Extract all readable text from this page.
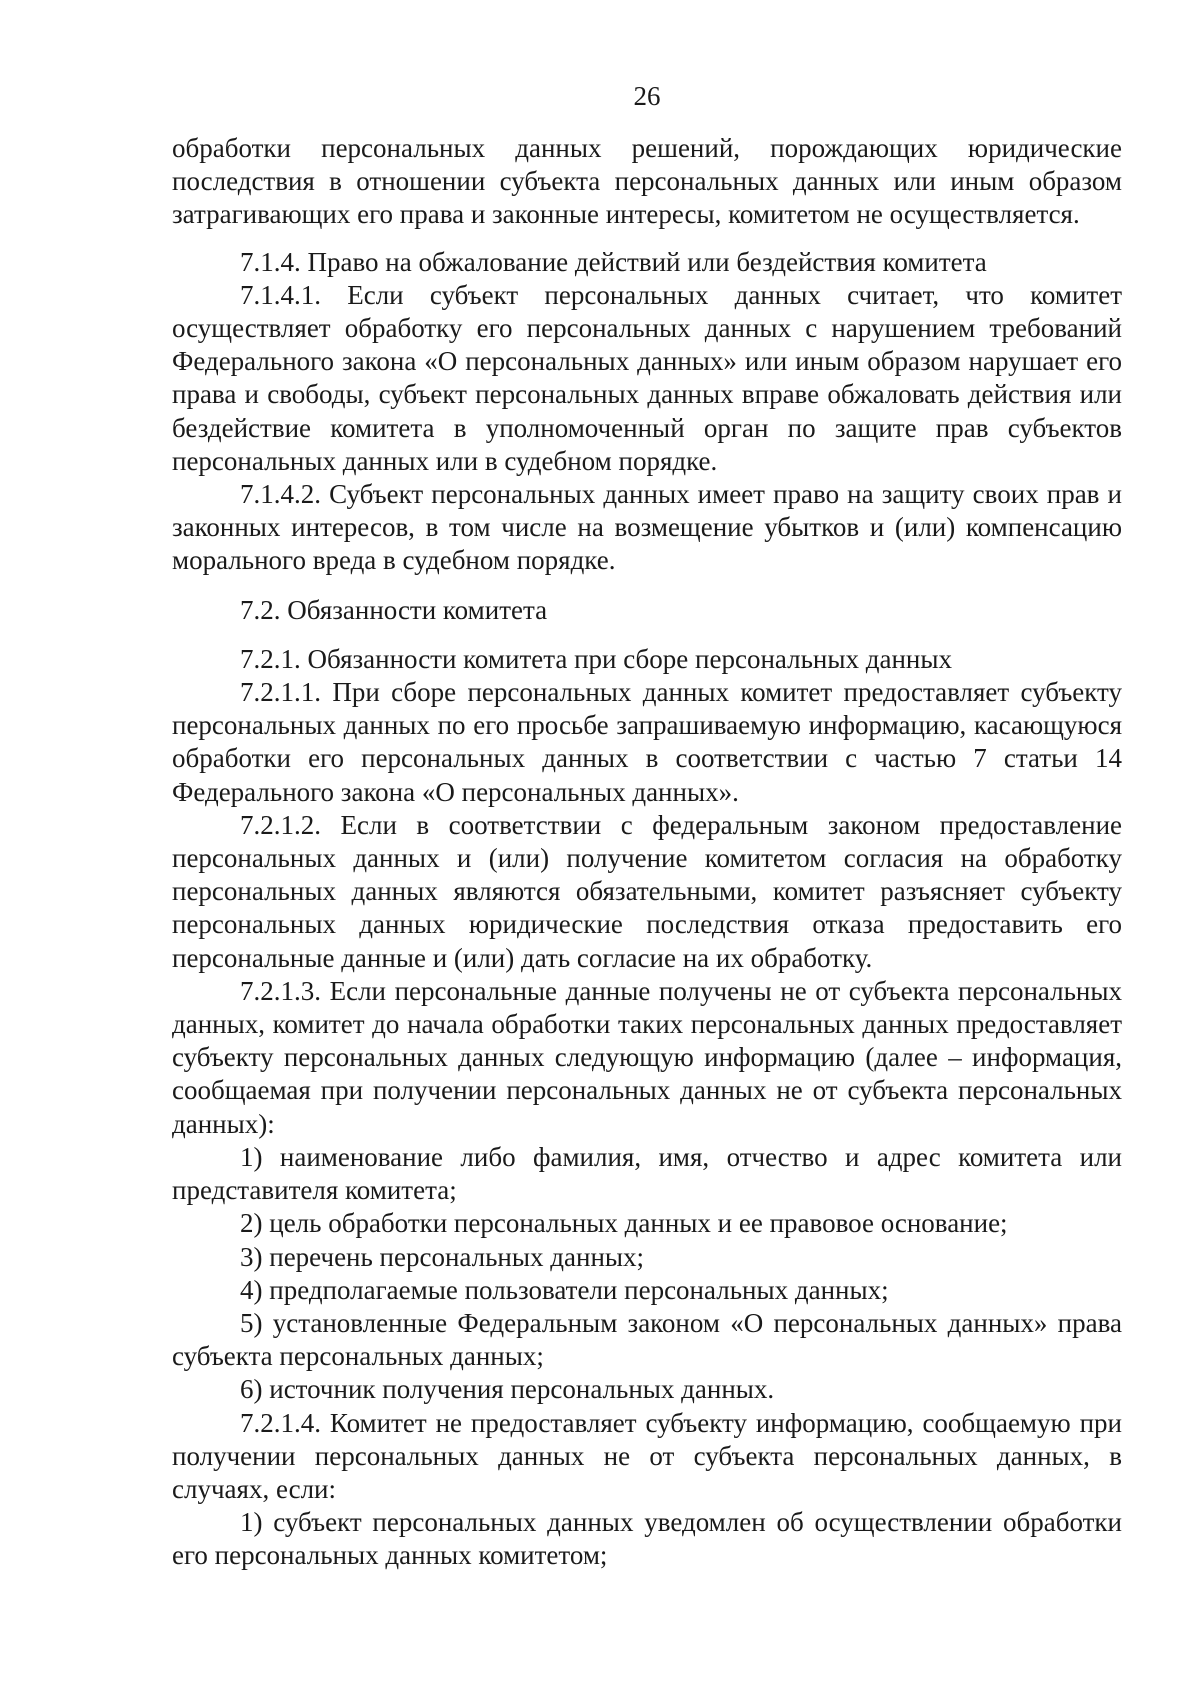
26

обработки персональных данных решений, порождающих юридические последствия в отношении субъекта персональных данных или иным образом затрагивающих его права и законные интересы, комитетом не осуществляется.

7.1.4. Право на обжалование действий или бездействия комитета

7.1.4.1. Если субъект персональных данных считает, что комитет осуществляет обработку его персональных данных с нарушением требований Федерального закона «О персональных данных» или иным образом нарушает его права и свободы, субъект персональных данных вправе обжаловать действия или бездействие комитета в уполномоченный орган по защите прав субъектов персональных данных или в судебном порядке.

7.1.4.2. Субъект персональных данных имеет право на защиту своих прав и законных интересов, в том числе на возмещение убытков и (или) компенсацию морального вреда в судебном порядке.

7.2. Обязанности комитета

7.2.1. Обязанности комитета при сборе персональных данных

7.2.1.1. При сборе персональных данных комитет предоставляет субъекту персональных данных по его просьбе запрашиваемую информацию, касающуюся обработки его персональных данных в соответствии с частью 7 статьи 14 Федерального закона «О персональных данных».

7.2.1.2. Если в соответствии с федеральным законом предоставление персональных данных и (или) получение комитетом согласия на обработку персональных данных являются обязательными, комитет разъясняет субъекту персональных данных юридические последствия отказа предоставить его персональные данные и (или) дать согласие на их обработку.

7.2.1.3. Если персональные данные получены не от субъекта персональных данных, комитет до начала обработки таких персональных данных предоставляет субъекту персональных данных следующую информацию (далее – информация, сообщаемая при получении персональных данных не от субъекта персональных данных):

1) наименование либо фамилия, имя, отчество и адрес комитета или представителя комитета;

2) цель обработки персональных данных и ее правовое основание;

3) перечень персональных данных;

4) предполагаемые пользователи персональных данных;

5) установленные Федеральным законом «О персональных данных» права субъекта персональных данных;

6) источник получения персональных данных.

7.2.1.4. Комитет не предоставляет субъекту информацию, сообщаемую при получении персональных данных не от субъекта персональных данных, в случаях, если:

1) субъект персональных данных уведомлен об осуществлении обработки его персональных данных комитетом;
